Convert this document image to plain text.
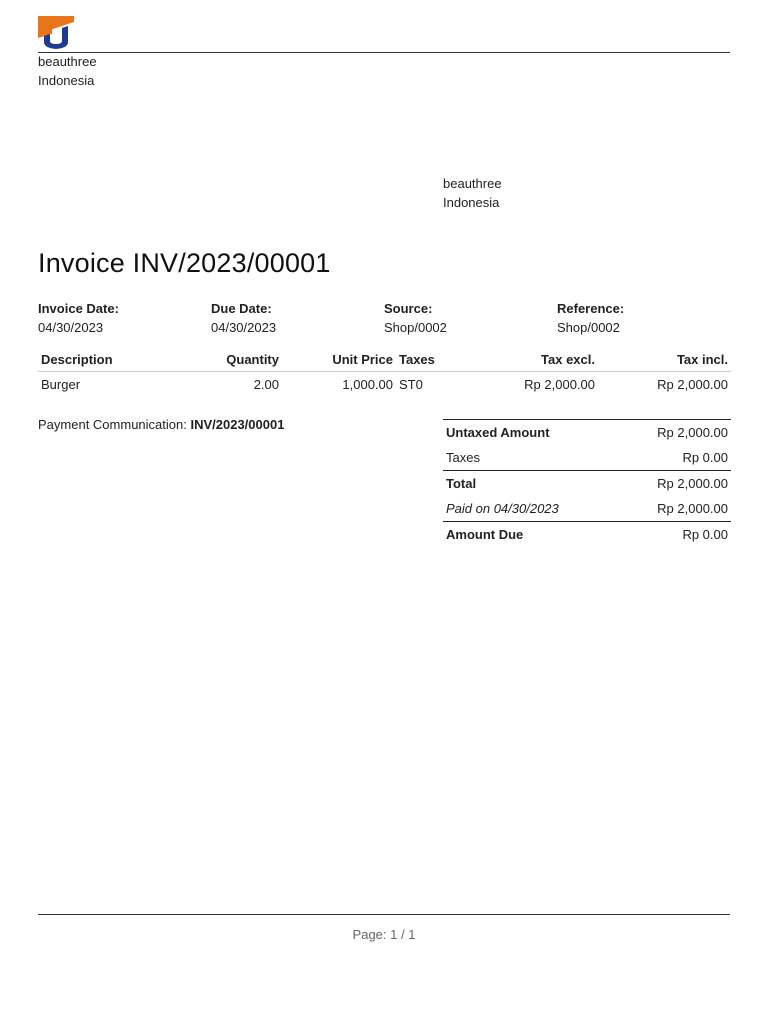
beauthree
Indonesia
beauthree
Indonesia
Invoice INV/2023/00001
Invoice Date:
04/30/2023
Due Date:
04/30/2023
Source:
Shop/0002
Reference:
Shop/0002
Description	Quantity	Unit Price	Taxes	Tax excl.	Tax incl.
Burger	2.00	1,000.00	ST0	Rp 2,000.00	Rp 2,000.00
Payment Communication: INV/2023/00001
Untaxed Amount	Rp 2,000.00
Taxes	Rp 0.00
Total	Rp 2,000.00
Paid on 04/30/2023	Rp 2,000.00
Amount Due	Rp 0.00
Page: 1 / 1
